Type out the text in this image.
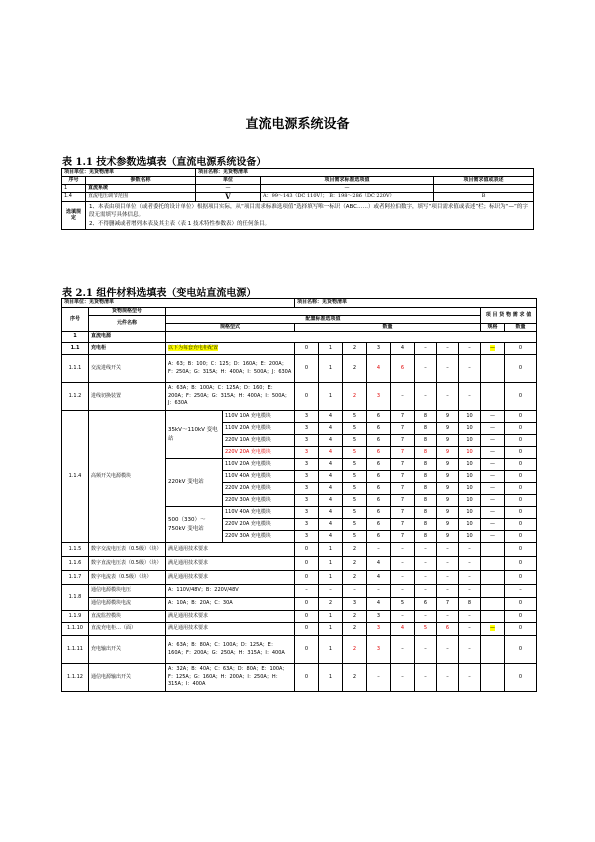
直流电源系统设备
表 1.1 技术参数选填表（直流电源系统设备）
项目单位：见货物清单		项目名称：见货物清单		
序号	参数名称	单位	项目需求标准选项值	项目需求值或表述
1	直流系统	—	—	
1.4	直流电压调节范围	V	A：99～143（DC 110V）； B：198～286（DC 220V）	B
选填规定	1、本表由项目单位（或者委托的设计单位）根据项目实际，从“项目需求标准选项值”选择填写唯一标识（ABC……）或者阿拉伯数字，填写“项目需求值或表述”栏；标识为“—”的字段无需填写具体信息。
2、不得删减或者增列本表及其主表（表 1 技术特性参数表）的任何条目。			
表 2.1 组件材料选填表（变电站直流电源）

项目单位：见货物清单				项目名称：见货物清单									
序号	货物规格型号											项 目 货 物 需 求 值	
	元件名称	配置标准选项值											
		规格型式		数量								规格	数量
1	直流电源												
1.1	充电柜	以下为每套充电柜配置		0	1	2	3	4	–	–	–	—	0
1.1.1	交流进线开关	A：63；B：100；C：125；D：160A；E：200A；F：250A；G：315A；H：400A；I：500A；J：630A		0	1	2	4	6	–	–	–		0
1.1.2	进线切换装置	A：63A；B：100A；C：125A；D：160；E：200A；F：250A；G：315A；H：400A；I：500A；J：630A		0	1	2	3	–	–	–	–		0
1.1.4	高频开关电源模块	35kV～110kV 变电站	110V 10A 充电模块	3	4	5	6	7	8	9	10	—	0
			110V 20A 充电模块	3	4	5	6	7	8	9	10	—	0
			220V 10A 充电模块	3	4	5	6	7	8	9	10	—	0
			220V 20A 充电模块	3	4	5	6	7	8	9	10	—	0
		220kV 变电站	110V 20A 充电模块	3	4	5	6	7	8	9	10	—	0
			110V 40A 充电模块	3	4	5	6	7	8	9	10	—	0
			220V 20A 充电模块	3	4	5	6	7	8	9	10	—	0
			220V 30A 充电模块	3	4	5	6	7	8	9	10	—	0
		500（330）～750kV 变电站	110V 40A 充电模块	3	4	5	6	7	8	9	10	—	0
			220V 20A 充电模块	3	4	5	6	7	8	9	10	—	0
			220V 30A 充电模块	3	4	5	6	7	8	9	10	—	0
1.1.5	数字交流电压表（0.5级）（块）	满足通用技术要求		0	1	2	–	–	–	–	–		0
1.1.6	数字直流电压表（0.5级）（块）	满足通用技术要求		0	1	2	4	–	–	–	–		0
1.1.7	数字电流表（0.5级）（块）	满足通用技术要求		0	1	2	4	–	–	–	–		0
1.1.8	通信电源模块电压	A：110V/48V；B：220V/48V		–	–	–	–	–	–	–	–		–
	通信电源模块电流	A：10A；B：20A；C：30A		0	2	3	4	5	6	7	8		0
1.1.9	直流监控模块	满足通用技术要求		0	1	2	3	–	–	–	–		0
1.1.10	直流充电柜…（面）	满足通用技术要求		0	1	2	3	4	5	6	–	—	0
1.1.11	充电输出开关	A：63A；B：80A；C：100A；D：125A；E：160A；F：200A；G：250A；H：315A；I：400A		0	1	2	3	–	–	–	–		0
1.1.12	通信电源输出开关	A：32A；B：40A；C：63A；D：80A；E：100A；F：125A；G：160A；H：200A；I：250A；H：315A；I：400A		0	1	2	–	–	–	–	–		0
